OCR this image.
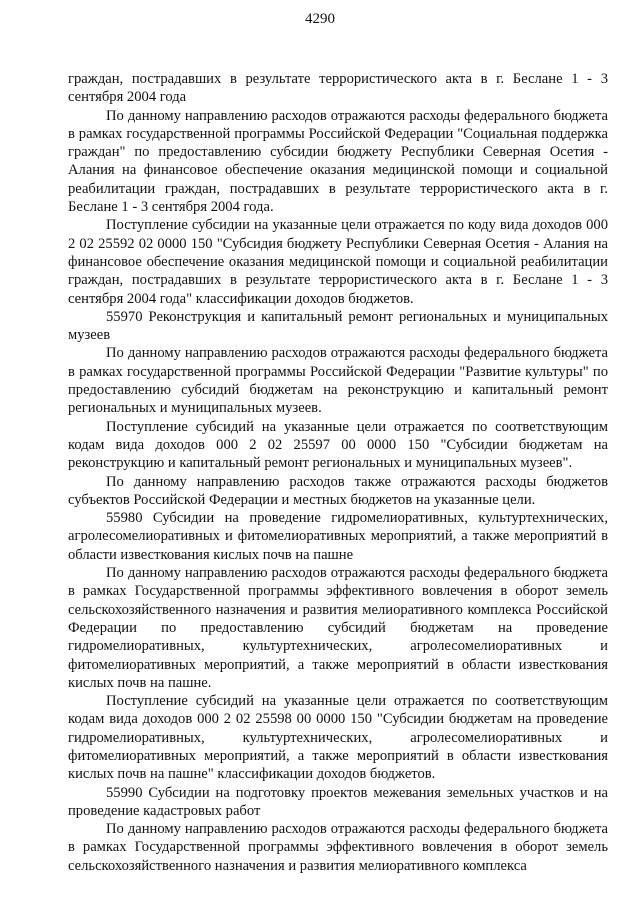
4290

граждан, пострадавших в результате террористического акта в г. Беслане 1 - 3 сентября 2004 года

По данному направлению расходов отражаются расходы федерального бюджета в рамках государственной программы Российской Федерации "Социальная поддержка граждан" по предоставлению субсидии бюджету Республики Северная Осетия - Алания на финансовое обеспечение оказания медицинской помощи и социальной реабилитации граждан, пострадавших в результате террористического акта в г. Беслане 1 - 3 сентября 2004 года.

Поступление субсидии на указанные цели отражается по коду вида доходов 000 2 02 25592 02 0000 150 "Субсидия бюджету Республики Северная Осетия - Алания на финансовое обеспечение оказания медицинской помощи и социальной реабилитации граждан, пострадавших в результате террористического акта в г. Беслане 1 - 3 сентября 2004 года" классификации доходов бюджетов.

55970 Реконструкция и капитальный ремонт региональных и муниципальных музеев

По данному направлению расходов отражаются расходы федерального бюджета в рамках государственной программы Российской Федерации "Развитие культуры" по предоставлению субсидий бюджетам на реконструкцию и капитальный ремонт региональных и муниципальных музеев.

Поступление субсидий на указанные цели отражается по соответствующим кодам вида доходов 000 2 02 25597 00 0000 150 "Субсидии бюджетам на реконструкцию и капитальный ремонт региональных и муниципальных музеев".

По данному направлению расходов также отражаются расходы бюджетов субъектов Российской Федерации и местных бюджетов на указанные цели.

55980 Субсидии на проведение гидромелиоративных, культуртехнических, агролесомелиоративных и фитомелиоративных мероприятий, а также мероприятий в области известкования кислых почв на пашне

По данному направлению расходов отражаются расходы федерального бюджета в рамках Государственной программы эффективного вовлечения в оборот земель сельскохозяйственного назначения и развития мелиоративного комплекса Российской Федерации по предоставлению субсидий бюджетам на проведение гидромелиоративных, культуртехнических, агролесомелиоративных и фитомелиоративных мероприятий, а также мероприятий в области известкования кислых почв на пашне.

Поступление субсидий на указанные цели отражается по соответствующим кодам вида доходов 000 2 02 25598 00 0000 150 "Субсидии бюджетам на проведение гидромелиоративных, культуртехнических, агролесомелиоративных и фитомелиоративных мероприятий, а также мероприятий в области известкования кислых почв на пашне" классификации доходов бюджетов.

55990 Субсидии на подготовку проектов межевания земельных участков и на проведение кадастровых работ

По данному направлению расходов отражаются расходы федерального бюджета в рамках Государственной программы эффективного вовлечения в оборот земель сельскохозяйственного назначения и развития мелиоративного комплекса
